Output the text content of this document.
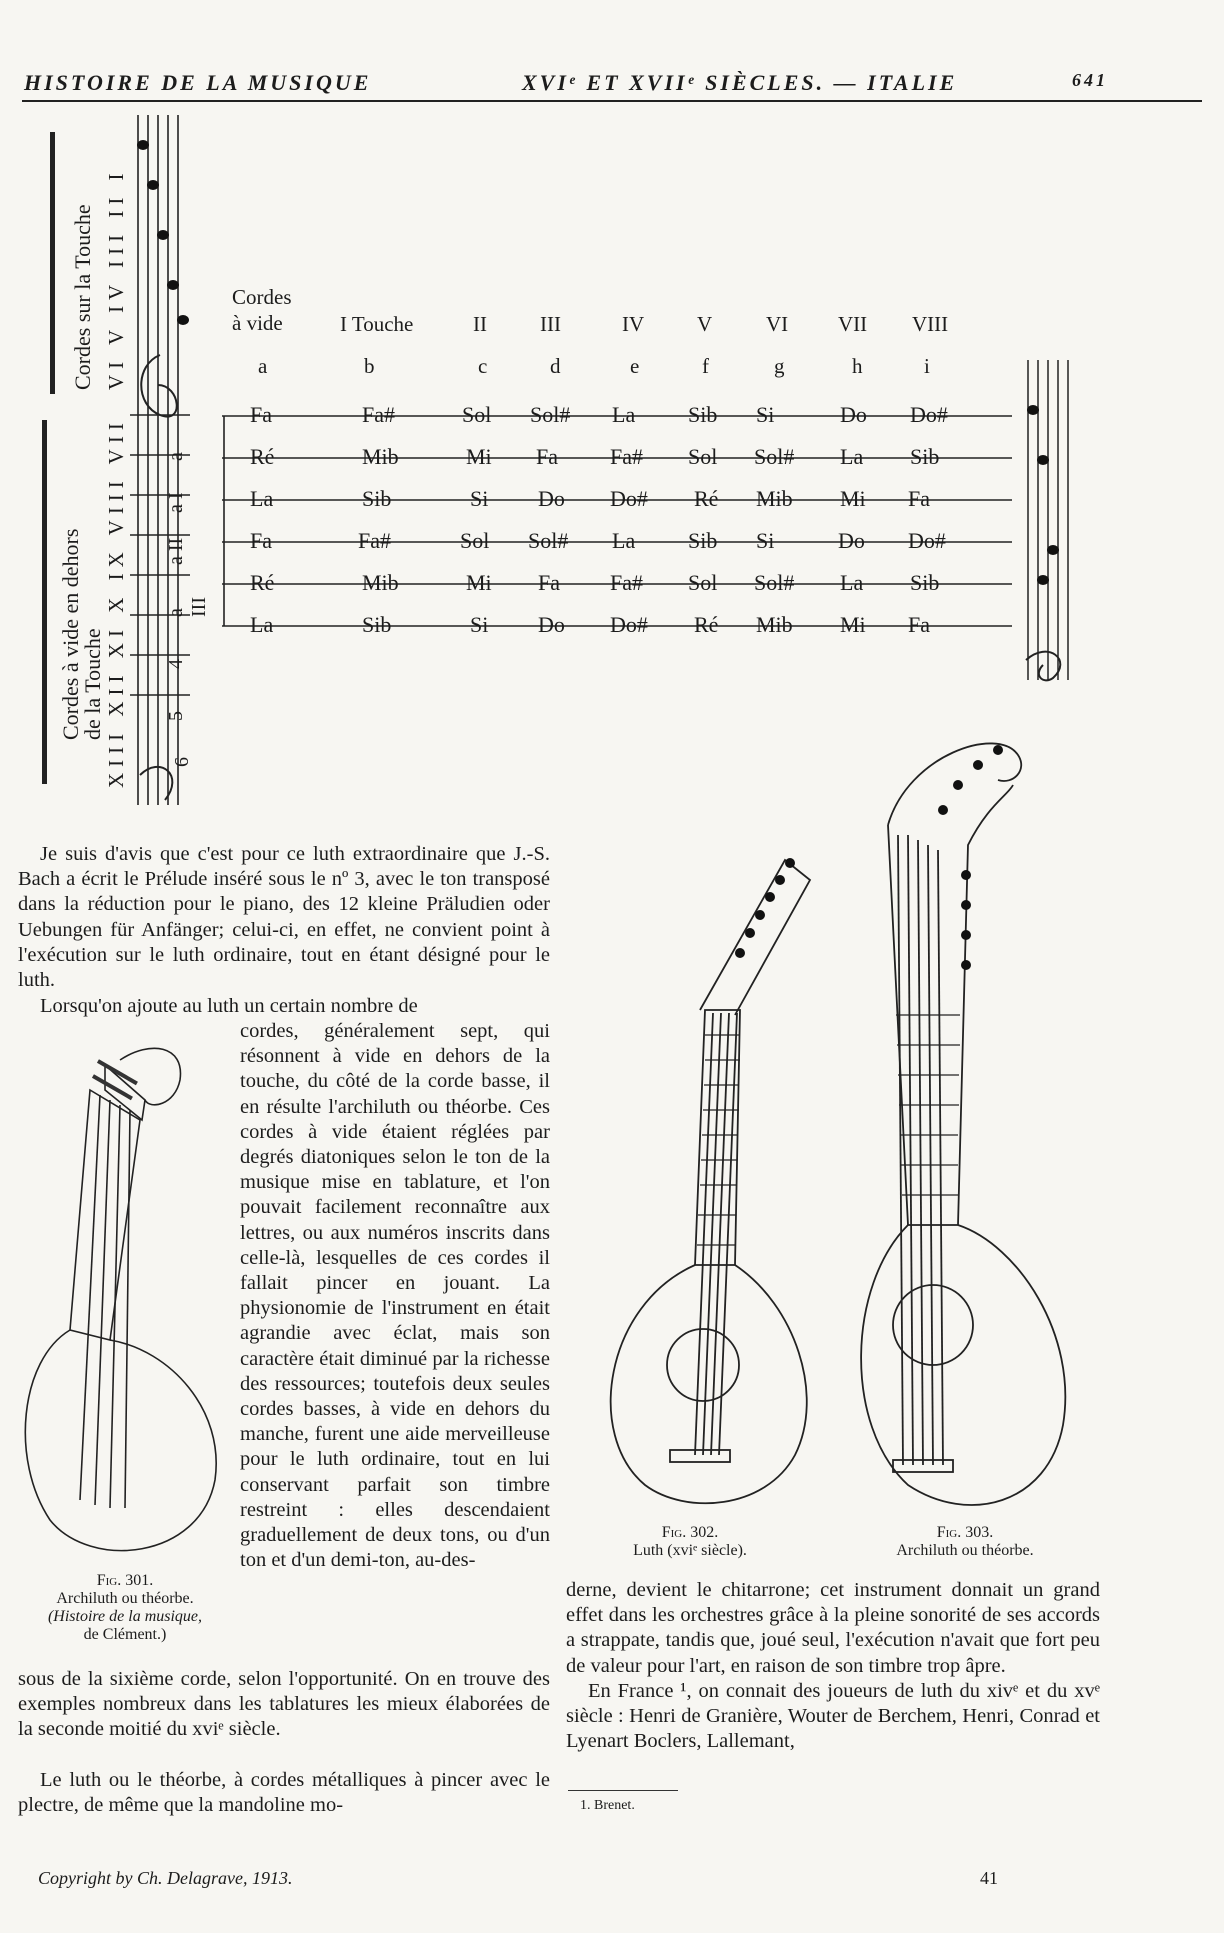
HISTOIRE DE LA MUSIQUE	XVIᵉ ET XVIIᵉ SIÈCLES. — ITALIE	641
Cordes sur la Touche VI V IV III II I
Cordes à vide en dehors
de la Touche XIII XII XI X IX VIII VII a
a I
a II
a III
4
5
6
Cordes
à vide	I Touche	II	III	IV	V	VI VII VIII
a	b	c	d	e	f	g	h	i
Fa	Fa#	Sol Sol# La Sib Si	Do Do#
Ré	Mib	Mi Fa Fa# Sol Sol# La Sib
La	Sib	Si Do Do# Ré Mib Mi Fa
Fa	Fa#	Sol Sol# La Sib Si	Do Do#
Ré	Mib	Mi Fa Fa# Sol Sol# La Sib
La	Sib	Si Do Do# Ré Mib Mi Fa

Je suis d'avis que c'est pour ce luth extraordinaire que J.-S. Bach a écrit le Prélude inséré sous le nº 3, avec le ton transposé dans la réduction pour le piano, des 12 kleine Präludien oder Uebungen für Anfänger; celui-ci, en effet, ne convient point à l'exécution sur le luth ordinaire, tout en étant désigné pour le luth.

Lorsqu'on ajoute au luth un certain nombre de

cordes, généralement sept, qui résonnent à vide en dehors de la touche, du côté de la corde basse, il en résulte l'archiluth ou théorbe. Ces cordes à vide étaient réglées par degrés diatoniques selon le ton de la musique mise en tablature, et l'on pouvait facilement reconnaître aux lettres, ou aux numéros inscrits dans celle-là, lesquelles de ces cordes il fallait pincer en jouant. La physionomie de l'instrument en était agrandie avec éclat, mais son caractère était diminué par la richesse des ressources; toutefois deux seules cordes basses, à vide en dehors du manche, furent une aide merveilleuse pour le luth ordinaire, tout en lui conservant parfait son timbre restreint : elles descendaient graduellement de deux tons, ou d'un ton et d'un demi-ton, au-des-

sous de la sixième corde, selon l'opportunité. On en trouve des exemples nombreux dans les tablatures les mieux élaborées de la seconde moitié du xviᵉ siècle.

Le luth ou le théorbe, à cordes métalliques à pincer avec le plectre, de même que la mandoline mo-

Fig. 301.
Archiluth ou théorbe.
(Histoire de la musique,
de Clément.)
Fig. 302.
Luth (xviᵉ siècle).
Fig. 303.
Archiluth ou théorbe.

derne, devient le chitarrone; cet instrument donnait un grand effet dans les orchestres grâce à la pleine sonorité de ses accords a strappate, tandis que, joué seul, l'exécution n'avait que fort peu de valeur pour l'art, en raison de son timbre trop âpre.

En France ¹, on connait des joueurs de luth du xivᵉ et du xvᵉ siècle : Henri de Granière, Wouter de Berchem, Henri, Conrad et Lyenart Boclers, Lallemant,

1. Brenet.
Copyright by Ch. Delagrave, 1913.	41
